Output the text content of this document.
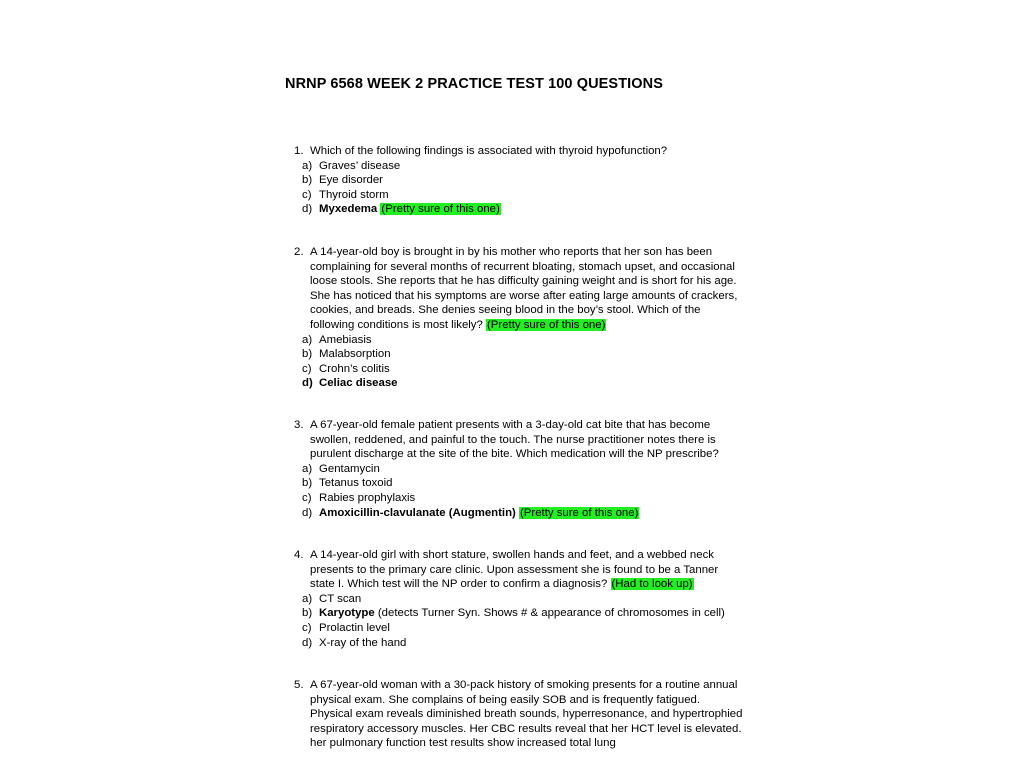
NRNP 6568 WEEK 2 PRACTICE TEST 100 QUESTIONS
1. Which of the following findings is associated with thyroid hypofunction?
a) Graves’ disease
b) Eye disorder
c) Thyroid storm
d) Myxedema (Pretty sure of this one)
2. A 14-year-old boy is brought in by his mother who reports that her son has been complaining for several months of recurrent bloating, stomach upset, and occasional loose stools. She reports that he has difficulty gaining weight and is short for his age. She has noticed that his symptoms are worse after eating large amounts of crackers, cookies, and breads. She denies seeing blood in the boy’s stool. Which of the following conditions is most likely? (Pretty sure of this one)
a) Amebiasis
b) Malabsorption
c) Crohn’s colitis
d) Celiac disease
3. A 67-year-old female patient presents with a 3-day-old cat bite that has become swollen, reddened, and painful to the touch. The nurse practitioner notes there is purulent discharge at the site of the bite. Which medication will the NP prescribe?
a) Gentamycin
b) Tetanus toxoid
c) Rabies prophylaxis
d) Amoxicillin-clavulanate (Augmentin) (Pretty sure of this one)
4. A 14-year-old girl with short stature, swollen hands and feet, and a webbed neck presents to the primary care clinic. Upon assessment she is found to be a Tanner state I. Which test will the NP order to confirm a diagnosis? (Had to look up)
a) CT scan
b) Karyotype (detects Turner Syn. Shows # & appearance of chromosomes in cell)
c) Prolactin level
d) X-ray of the hand
5. A 67-year-old woman with a 30-pack history of smoking presents for a routine annual physical exam. She complains of being easily SOB and is frequently fatigued. Physical exam reveals diminished breath sounds, hyperresonance, and hypertrophied respiratory accessory muscles. Her CBC results reveal that her HCT level is elevated. her pulmonary function test results show increased total lung
